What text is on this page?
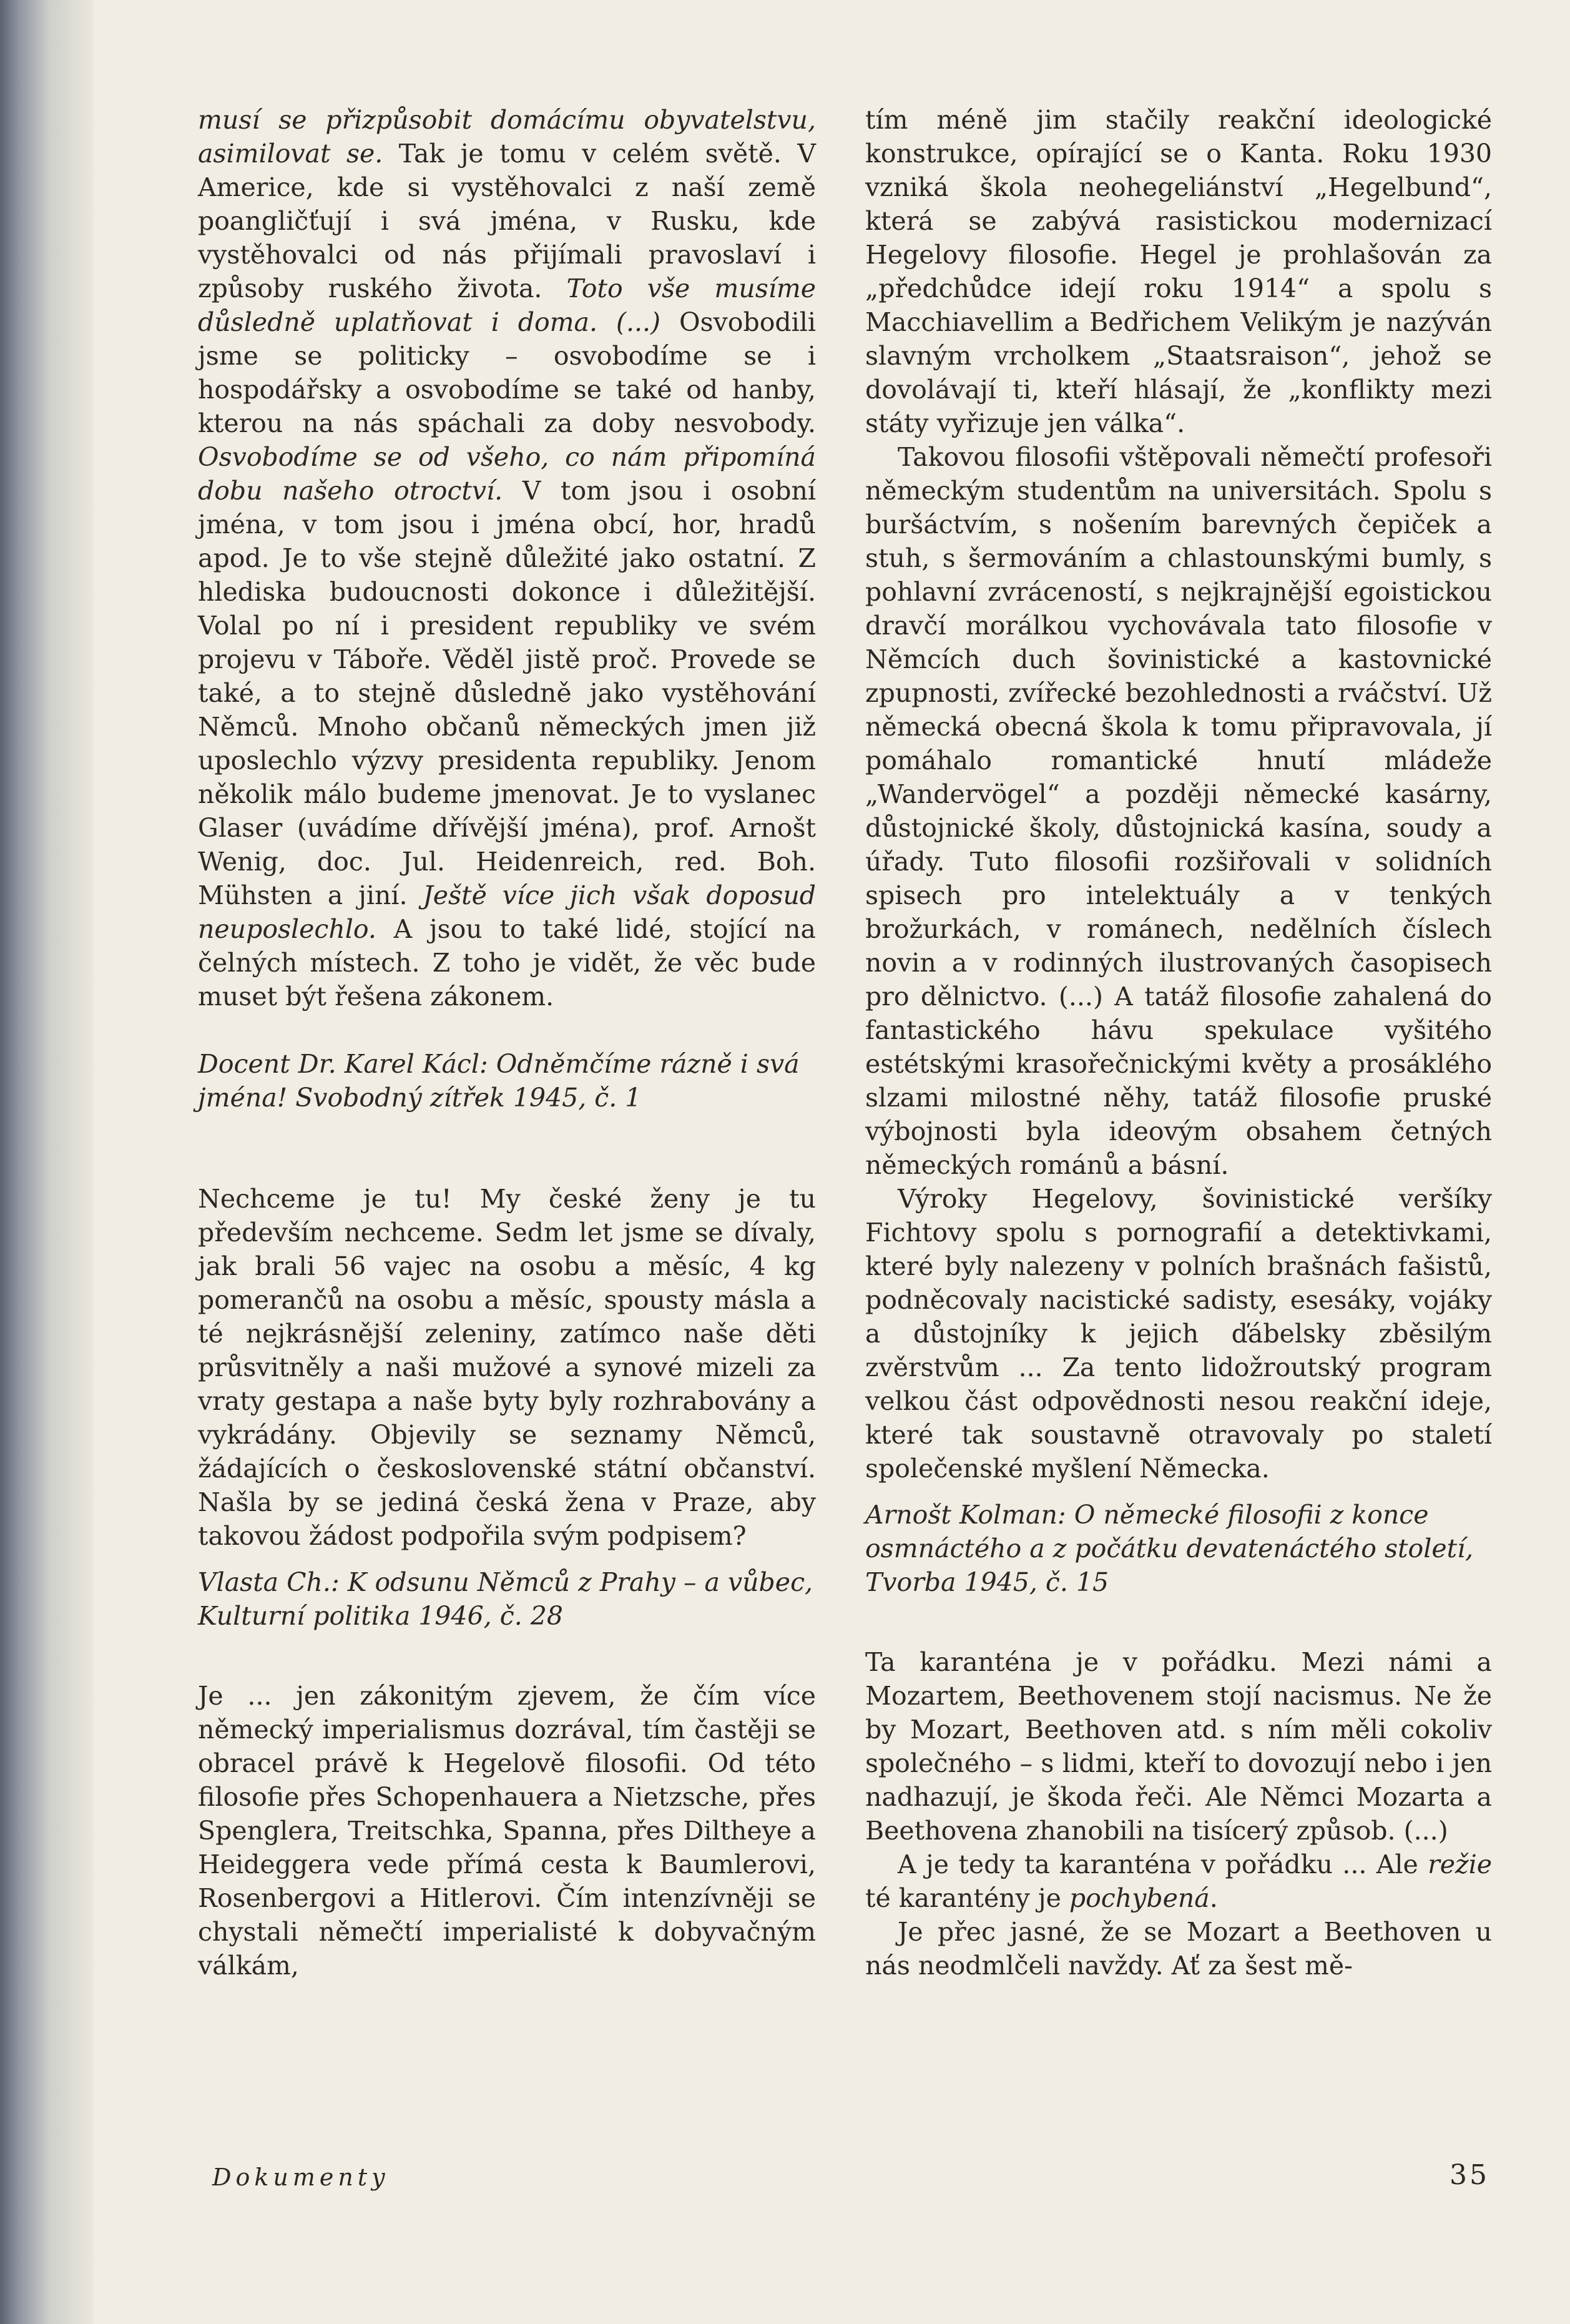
musí se přizpůsobit domácímu obyvatelstvu, asimilovat se. Tak je tomu v celém světě. V Americe, kde si vystěhovalci z naší země poangličťují i svá jména, v Rusku, kde vystěhovalci od nás přijímali pravoslaví i způsoby ruského života. Toto vše musíme důsledně uplatňovat i doma. (...) Osvobodili jsme se politicky – osvobodíme se i hospodářsky a osvobodíme se také od hanby, kterou na nás spáchali za doby nesvobody. Osvobodíme se od všeho, co nám připomíná dobu našeho otroctví. V tom jsou i osobní jména, v tom jsou i jména obcí, hor, hradů apod. Je to vše stejně důležité jako ostatní. Z hlediska budoucnosti dokonce i důležitější. Volal po ní i president republiky ve svém projevu v Táboře. Věděl jistě proč. Provede se také, a to stejně důsledně jako vystěhování Němců. Mnoho občanů německých jmen již uposlechlo výzvy presidenta republiky. Jenom několik málo budeme jmenovat. Je to vyslanec Glaser (uvádíme dřívější jména), prof. Arnošt Wenig, doc. Jul. Heidenreich, red. Boh. Mühsten a jiní. Ještě více jich však doposud neuposlechlo. A jsou to také lidé, stojící na čelných místech. Z toho je vidět, že věc bude muset být řešena zákonem.

Docent Dr. Karel Kácl: Odněmčíme rázně i svá jména! Svobodný zítřek 1945, č. 1

Nechceme je tu! My české ženy je tu především nechceme. Sedm let jsme se dívaly, jak brali 56 vajec na osobu a měsíc, 4 kg pomerančů na osobu a měsíc, spousty másla a té nejkrásnější zeleniny, zatímco naše děti průsvitněly a naši mužové a synové mizeli za vraty gestapa a naše byty byly rozhrabovány a vykrádány. Objevily se seznamy Němců, žádajících o československé státní občanství. Našla by se jediná česká žena v Praze, aby takovou žádost podpořila svým podpisem?

Vlasta Ch.: K odsunu Němců z Prahy – a vůbec, Kulturní politika 1946, č. 28

Je ... jen zákonitým zjevem, že čím více německý imperialismus dozrával, tím častěji se obracel právě k Hegelově filosofii. Od této filosofie přes Schopenhauera a Nietzsche, přes Spenglera, Treitschka, Spanna, přes Diltheye a Heideggera vede přímá cesta k Baumlerovi, Rosenbergovi a Hitlerovi. Čím intenzívněji se chystali němečtí imperialisté k dobyvačným válkám,

tím méně jim stačily reakční ideologické konstrukce, opírající se o Kanta. Roku 1930 vzniká škola neohegeliánství „Hegelbund“, která se zabývá rasistickou modernizací Hegelovy filosofie. Hegel je prohlašován za „předchůdce idejí roku 1914“ a spolu s Macchiavellim a Bedřichem Velikým je nazýván slavným vrcholkem „Staatsraison“, jehož se dovolávají ti, kteří hlásají, že „konflikty mezi státy vyřizuje jen válka“.

Takovou filosofii vštěpovali němečtí profesoři německým studentům na universitách. Spolu s buršáctvím, s nošením barevných čepiček a stuh, s šermováním a chlastounskými bumly, s pohlavní zvráceností, s nejkrajnější egoistickou dravčí morálkou vychovávala tato filosofie v Němcích duch šovinistické a kastovnické zpupnosti, zvířecké bezohlednosti a rváčství. Už německá obecná škola k tomu připravovala, jí pomáhalo romantické hnutí mládeže „Wandervögel“ a později německé kasárny, důstojnické školy, důstojnická kasína, soudy a úřady. Tuto filosofii rozšiřovali v solidních spisech pro intelektuály a v tenkých brožurkách, v románech, nedělních číslech novin a v rodinných ilustrovaných časopisech pro dělnictvo. (...) A tatáž filosofie zahalená do fantastického hávu spekulace vyšitého estétskými krasořečnickými květy a prosáklého slzami milostné něhy, tatáž filosofie pruské výbojnosti byla ideovým obsahem četných německých románů a básní.

Výroky Hegelovy, šovinistické veršíky Fichtovy spolu s pornografií a detektivkami, které byly nalezeny v polních brašnách fašistů, podněcovaly nacistické sadisty, esesáky, vojáky a důstojníky k jejich ďábelsky zběsilým zvěrstvům ... Za tento lidožroutský program velkou část odpovědnosti nesou reakční ideje, které tak soustavně otravovaly po staletí společenské myšlení Německa.

Arnošt Kolman: O německé filosofii z konce osmnáctého a z počátku devatenáctého století, Tvorba 1945, č. 15

Ta karanténa je v pořádku. Mezi námi a Mozartem, Beethovenem stojí nacismus. Ne že by Mozart, Beethoven atd. s ním měli cokoliv společného – s lidmi, kteří to dovozují nebo i jen nadhazují, je škoda řeči. Ale Němci Mozarta a Beethovena zhanobili na tisícerý způsob. (...)

A je tedy ta karanténa v pořádku ... Ale režie té karantény je pochybená.

Je přec jasné, že se Mozart a Beethoven u nás neodmlčeli navždy. Ať za šest mě-

Dokumenty	35
